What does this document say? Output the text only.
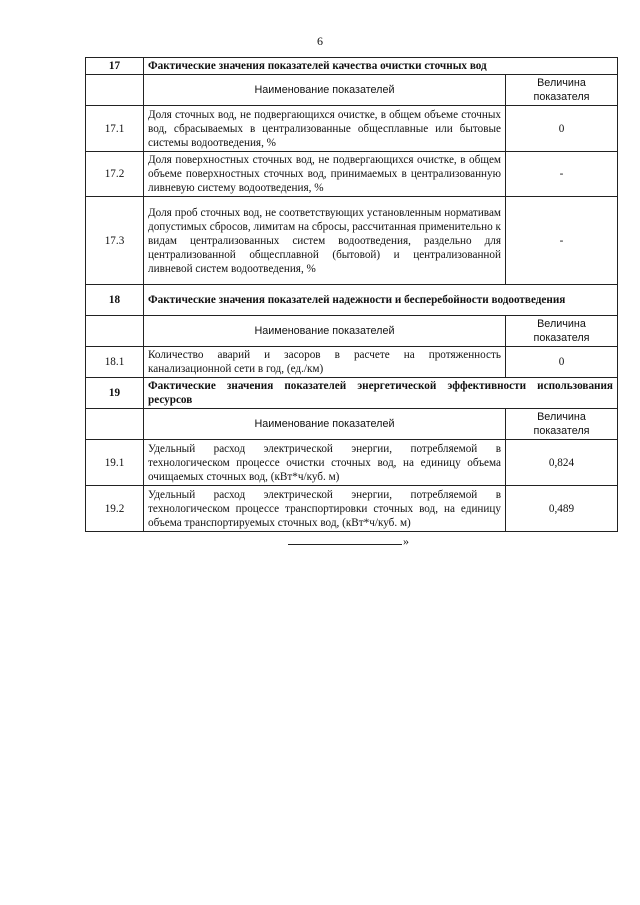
6
17	Фактические значения показателей качества очистки сточных вод	
	Наименование показателей	Величина показателя
17.1	Доля сточных вод, не подвергающихся очистке, в общем объеме сточных вод, сбрасываемых в централизованные общесплавные или бытовые системы водоотведения, %	0
17.2	Доля поверхностных сточных вод, не подвергающихся очистке, в общем объеме поверхностных сточных вод, принимаемых в централизованную ливневую систему водоотведения, %	-
17.3	Доля проб сточных вод, не соответствующих установленным нормативам допустимых сбросов, лимитам на сбросы, рассчитанная применительно к видам централизованных систем водоотведения, раздельно для централизованной общесплавной (бытовой) и централизованной ливневой систем водоотведения, %	-
18	Фактические значения показателей надежности и бесперебойности водоотведения	
	Наименование показателей	Величина показателя
18.1	Количество аварий и засоров в расчете на протяженность канализационной сети в год, (ед./км)	0
19	Фактические значения показателей энергетической эффективности использования ресурсов	
	Наименование показателей	Величина показателя
19.1	Удельный расход электрической энергии, потребляемой в технологическом процессе очистки сточных вод, на единицу объема очищаемых сточных вод, (кВт*ч/куб. м)	0,824
19.2	Удельный расход электрической энергии, потребляемой в технологическом процессе транспортировки сточных вод, на единицу объема транспортируемых сточных вод, (кВт*ч/куб. м)	0,489
»
